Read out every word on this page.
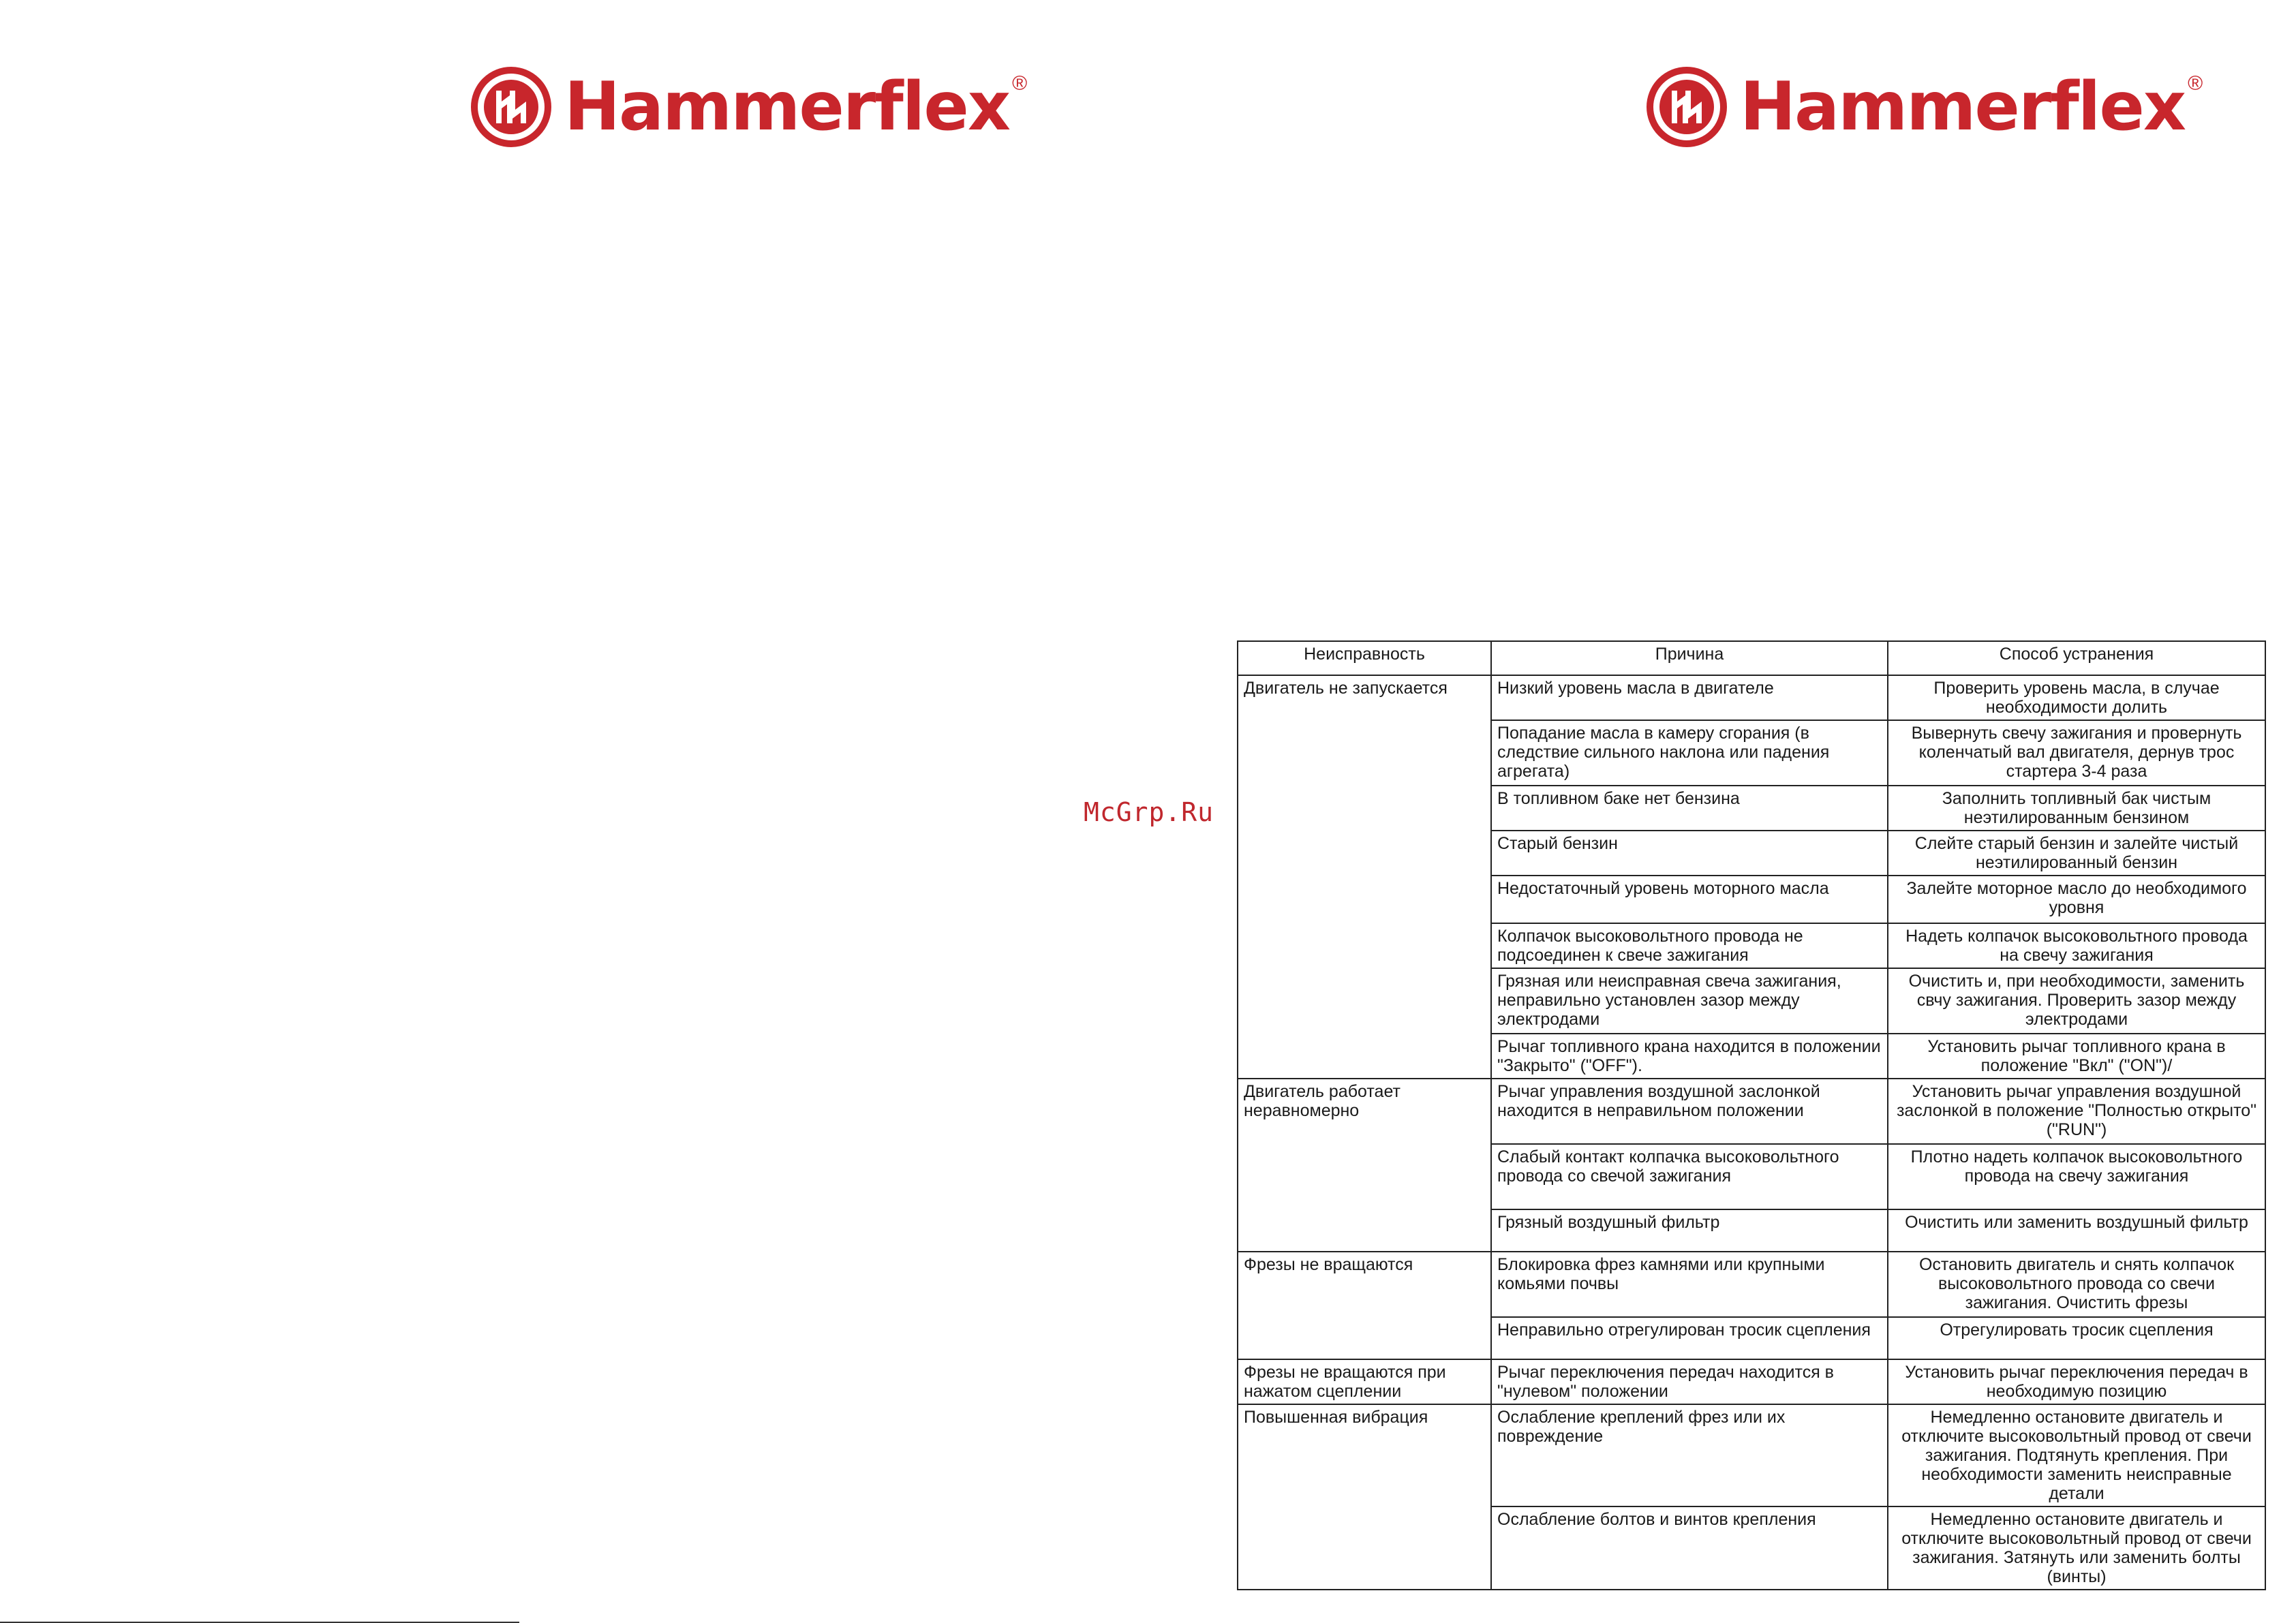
Hammerflex ®	Hammerflex ®
McGrp.Ru
Неисправность	Причина	Способ устранения
Двигатель не запускается	Низкий уровень масла в двигателе	Проверить уровень масла, в случае необходимости долить
	Попадание масла в камеру сгорания (в следствие сильного наклона или падения агрегата)	Вывернуть свечу зажигания и провернуть коленчатый вал двигателя, дернув трос стартера 3-4 раза
	В топливном баке нет бензина	Заполнить топливный бак чистым неэтилированным бензином
	Старый бензин	Слейте старый бензин и залейте чистый неэтилированный бензин
	Недостаточный уровень моторного масла	Залейте моторное масло до необходимого уровня
	Колпачок высоковольтного провода не подсоединен к свече зажигания	Надеть колпачок высоковольтного провода на свечу зажигания
	Грязная или неисправная свеча зажигания, неправильно установлен зазор между электродами	Очистить и, при необходимости, заменить свчу зажигания. Проверить зазор между электродами
	Рычаг топливного крана находится в положении "Закрыто" ("OFF").	Установить рычаг топливного крана в положение "Вкл" ("ON")/
Двигатель работает неравномерно	Рычаг управления воздушной заслонкой находится в неправильном положении	Установить рычаг управления воздушной заслонкой в положение "Полностью открыто" ("RUN")
	Слабый контакт колпачка высоковольтного провода со свечой зажигания	Плотно надеть колпачок высоковольтного провода на свечу зажигания
	Грязный воздушный фильтр	Очистить или заменить воздушный фильтр
Фрезы не вращаются	Блокировка фрез камнями или крупными комьями почвы	Остановить двигатель и снять колпачок высоковольтного провода со свечи зажигания. Очистить фрезы
	Неправильно отрегулирован тросик сцепления	Отрегулировать тросик сцепления
Фрезы не вращаются при нажатом сцеплении	Рычаг переключения передач находится в "нулевом" положении	Установить рычаг переключения передач в необходимую позицию
Повышенная вибрация	Ослабление креплений фрез или их повреждение	Немедленно остановите двигатель и отключите высоковольтный провод от свечи зажигания. Подтянуть крепления. При необходимости заменить неисправные детали
	Ослабление болтов и винтов крепления	Немедленно остановите двигатель и отключите высоковольтный провод от свечи зажигания. Затянуть или заменить болты (винты)
